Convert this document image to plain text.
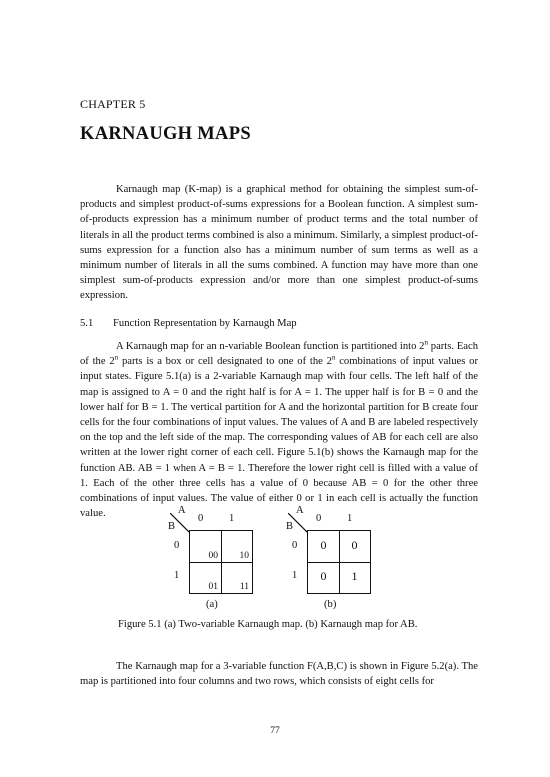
CHAPTER 5
KARNAUGH MAPS

Karnaugh map (K-map) is a graphical method for obtaining the simplest sum-of-products and simplest product-of-sums expressions for a Boolean function. A simplest sum-of-products expression has a minimum number of product terms and the total number of literals in all the product terms combined is also a minimum. Similarly, a simplest product-of-sums expression for a function also has a minimum number of sum terms as well as a minimum number of literals in all the sums combined. A function may have more than one simplest sum-of-products expression and/or more than one simplest product-of-sums expression.

5.1 Function Representation by Karnaugh Map

A Karnaugh map for an n-variable Boolean function is partitioned into 2$^n$ parts. Each of the 2$^n$ parts is a box or cell designated to one of the 2$^n$ combinations of input values or input states. Figure 5.1(a) is a 2-variable Karnaugh map with four cells. The left half of the map is assigned to A = 0 and the right half is for A = 1. The upper half is for B = 0 and the lower half for B = 1. The vertical partition for A and the horizontal partition for B create four cells for the four combinations of input values. The values of A and B are labeled respectively on the top and the left side of the map. The corresponding values of AB for each cell are also written at the lower right corner of each cell. Figure 5.1(b) shows the Karnaugh map for the function AB. AB = 1 when A = B = 1. Therefore the lower right cell is filled with a value of 1. Each of the other three cells has a value of 0 because AB = 0 for the other three combinations of input values. The value of either 0 or 1 in each cell is actually the function value.	A
B
0 1
0
1
00 10
01 11
A
B
0 1
0
1
0	0
0	1
(a)	(b)
Figure 5.1 (a) Two-variable Karnaugh map. (b) Karnaugh map for AB.

The Karnaugh map for a 3-variable function F(A,B,C) is shown in Figure 5.2(a). The map is partitioned into four columns and two rows, which consists of eight cells for

77
